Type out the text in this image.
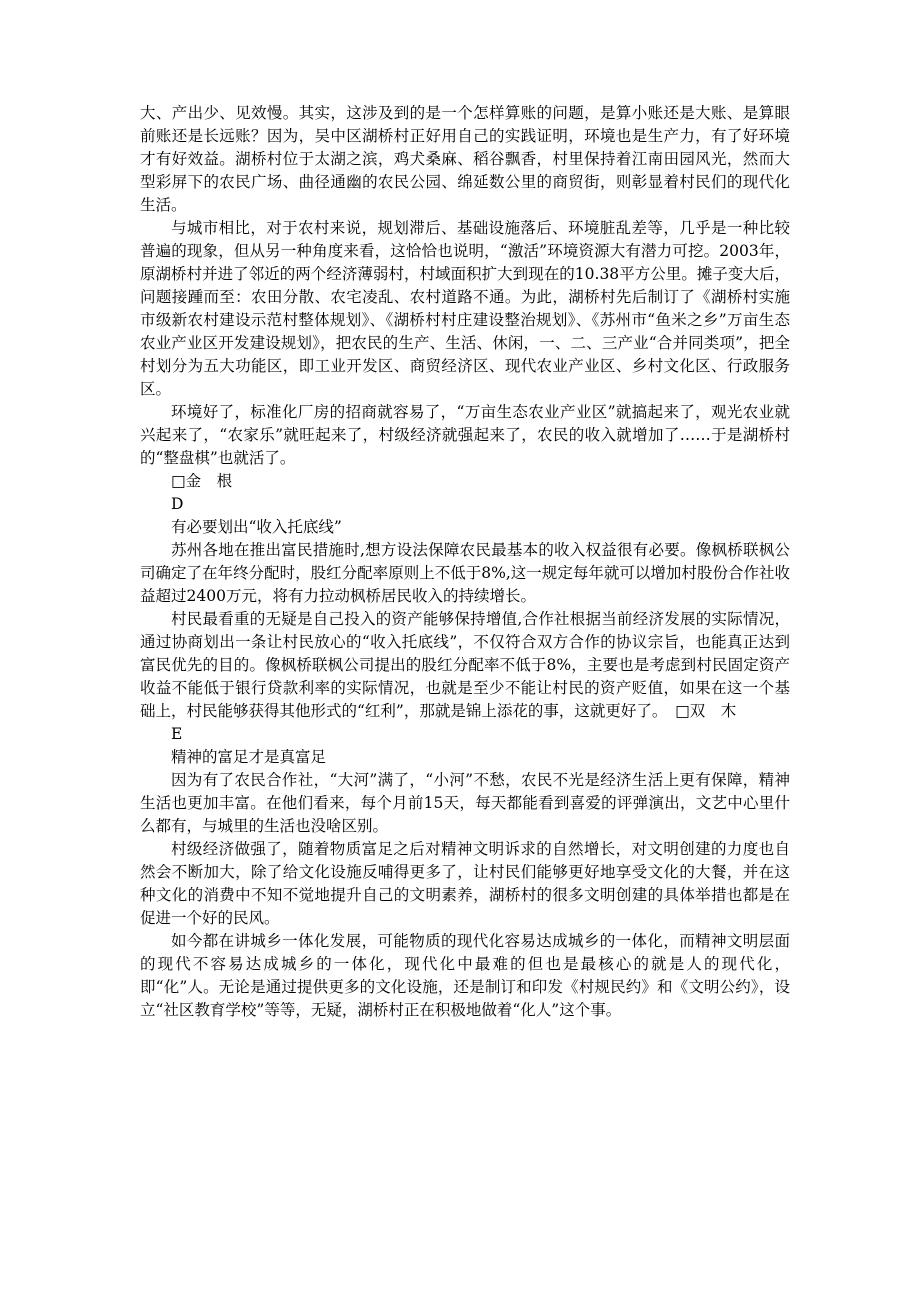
大、产出少、见效慢。其实，这涉及到的是一个怎样算账的问题，是算小账还是大账、是算眼前账还是长远账？因为，吴中区湖桥村正好用自己的实践证明，环境也是生产力，有了好环境才有好效益。湖桥村位于太湖之滨，鸡犬桑麻、稻谷飘香，村里保持着江南田园风光，然而大型彩屏下的农民广场、曲径通幽的农民公园、绵延数公里的商贸街，则彰显着村民们的现代化生活。

与城市相比，对于农村来说，规划滞后、基础设施落后、环境脏乱差等，几乎是一种比较普遍的现象，但从另一种角度来看，这恰恰也说明，“激活”环境资源大有潜力可挖。2003年，原湖桥村并进了邻近的两个经济薄弱村，村域面积扩大到现在的10.38平方公里。摊子变大后，问题接踵而至：农田分散、农宅凌乱、农村道路不通。为此，湖桥村先后制订了《湖桥村实施市级新农村建设示范村整体规划》、《湖桥村村庄建设整治规划》、《苏州市“鱼米之乡”万亩生态农业产业区开发建设规划》，把农民的生产、生活、休闲，一、二、三产业“合并同类项”，把全村划分为五大功能区，即工业开发区、商贸经济区、现代农业产业区、乡村文化区、行政服务区。

环境好了，标准化厂房的招商就容易了，“万亩生态农业产业区”就搞起来了，观光农业就兴起来了，“农家乐”就旺起来了，村级经济就强起来了，农民的收入就增加了……于是湖桥村的“整盘棋”也就活了。

□金　根

D

有必要划出“收入托底线”

苏州各地在推出富民措施时,想方设法保障农民最基本的收入权益很有必要。像枫桥联枫公司确定了在年终分配时，股红分配率原则上不低于8%,这一规定每年就可以增加村股份合作社收益超过2400万元，将有力拉动枫桥居民收入的持续增长。

村民最看重的无疑是自己投入的资产能够保持增值,合作社根据当前经济发展的实际情况，通过协商划出一条让村民放心的“收入托底线”，不仅符合双方合作的协议宗旨，也能真正达到富民优先的目的。像枫桥联枫公司提出的股红分配率不低于8%，主要也是考虑到村民固定资产收益不能低于银行贷款利率的实际情况，也就是至少不能让村民的资产贬值，如果在这一个基础上，村民能够获得其他形式的“红利”，那就是锦上添花的事，这就更好了。　□双　木

E

精神的富足才是真富足

因为有了农民合作社，“大河”满了，“小河”不愁，农民不光是经济生活上更有保障，精神生活也更加丰富。在他们看来，每个月前15天，每天都能看到喜爱的评弹演出，文艺中心里什么都有，与城里的生活也没啥区别。

村级经济做强了，随着物质富足之后对精神文明诉求的自然增长，对文明创建的力度也自然会不断加大，除了给文化设施反哺得更多了，让村民们能够更好地享受文化的大餐，并在这种文化的消费中不知不觉地提升自己的文明素养，湖桥村的很多文明创建的具体举措也都是在促进一个好的民风。

如今都在讲城乡一体化发展，可能物质的现代化容易达成城乡的一体化，而精神文明层面的现代不容易达成城乡的一体化，现代化中最难的但也是最核心的就是人的现代化，即“化”人。无论是通过提供更多的文化设施，还是制订和印发《村规民约》和《文明公约》，设立“社区教育学校”等等，无疑，湖桥村正在积极地做着“化人”这个事。
